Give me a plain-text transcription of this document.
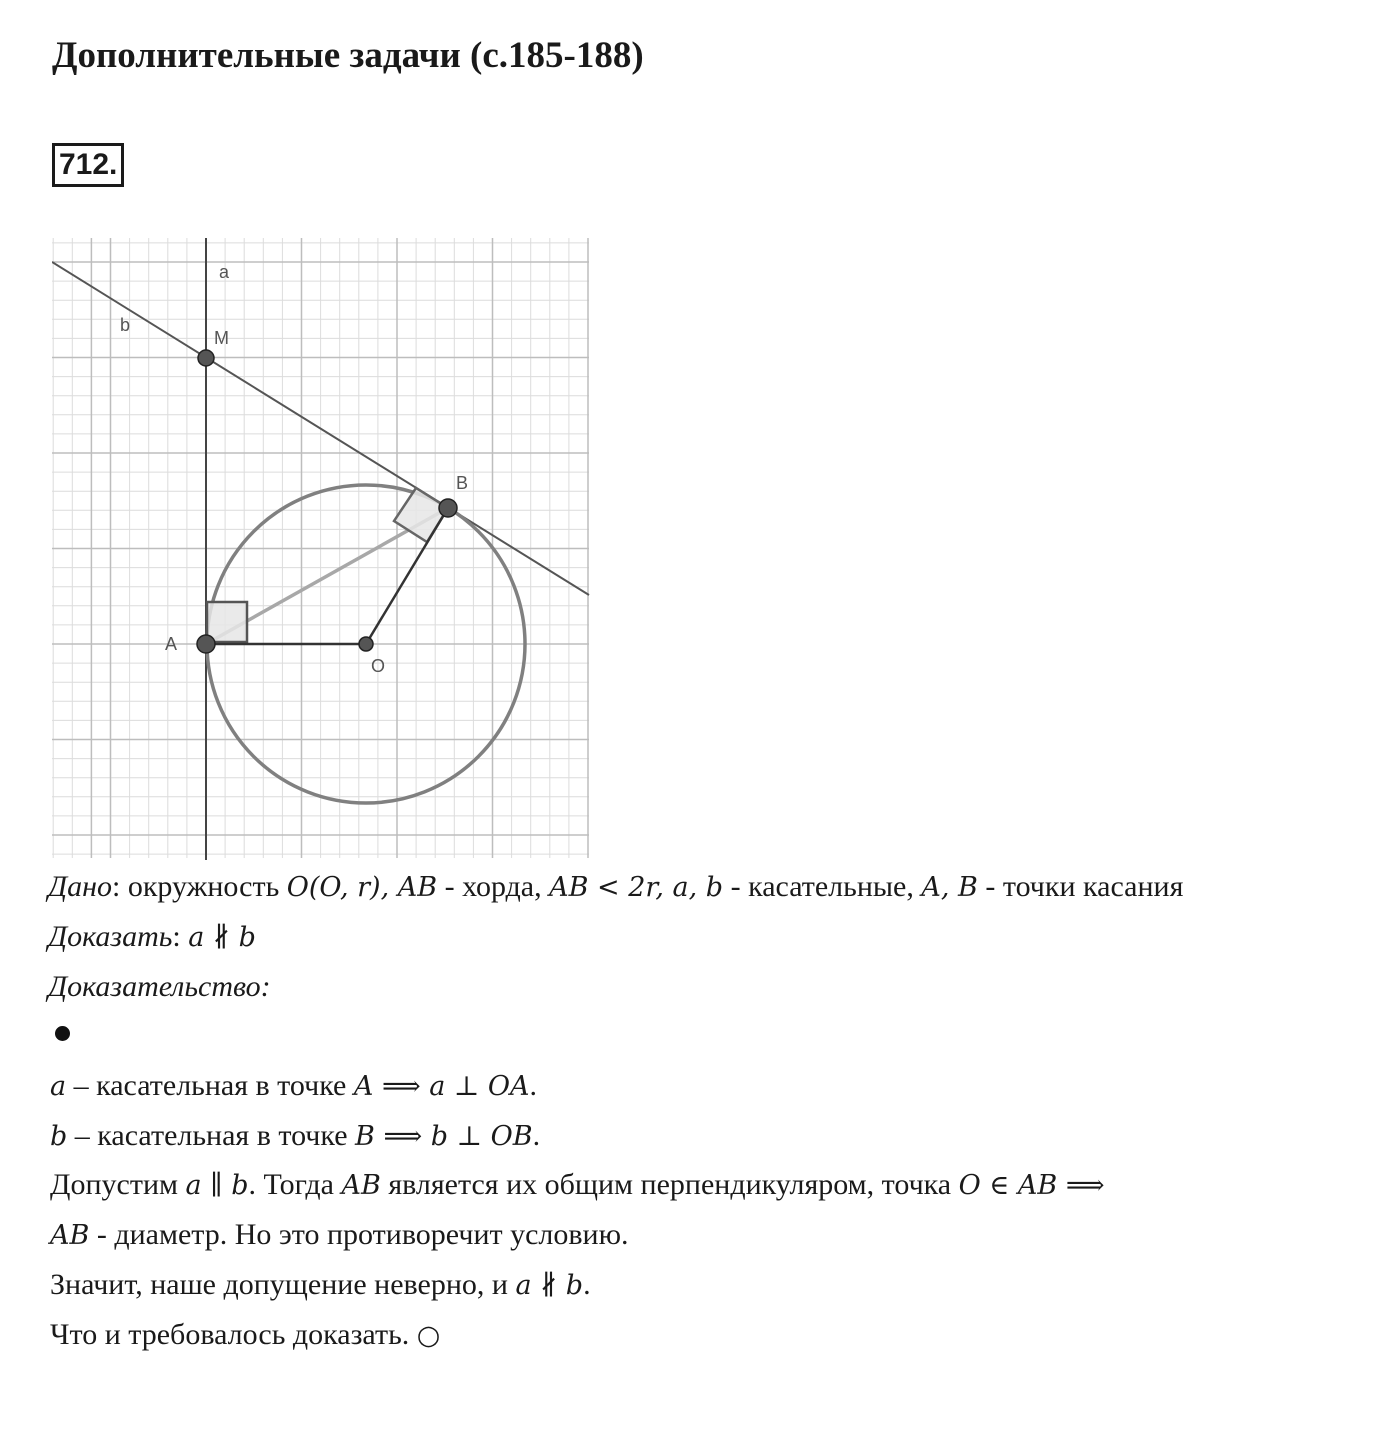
Дополнительные задачи (с.185-188)
712.
a
b
M
B
A
O
Дано: окружность O(O, r), AB - хорда, AB < 2r, a, b - касательные, A, B - точки касания
Доказать: a ∦ b
Доказательство:
a – касательная в точке A ⟹ a ⊥ OA.
b – касательная в точке B ⟹ b ⊥ OB.
Допустим a ∥ b. Тогда AB является их общим перпендикуляром, точка O ∈ AB ⟹
AB - диаметр. Но это противоречит условию.
Значит, наше допущение неверно, и a ∦ b.
Что и требовалось доказать. ○
